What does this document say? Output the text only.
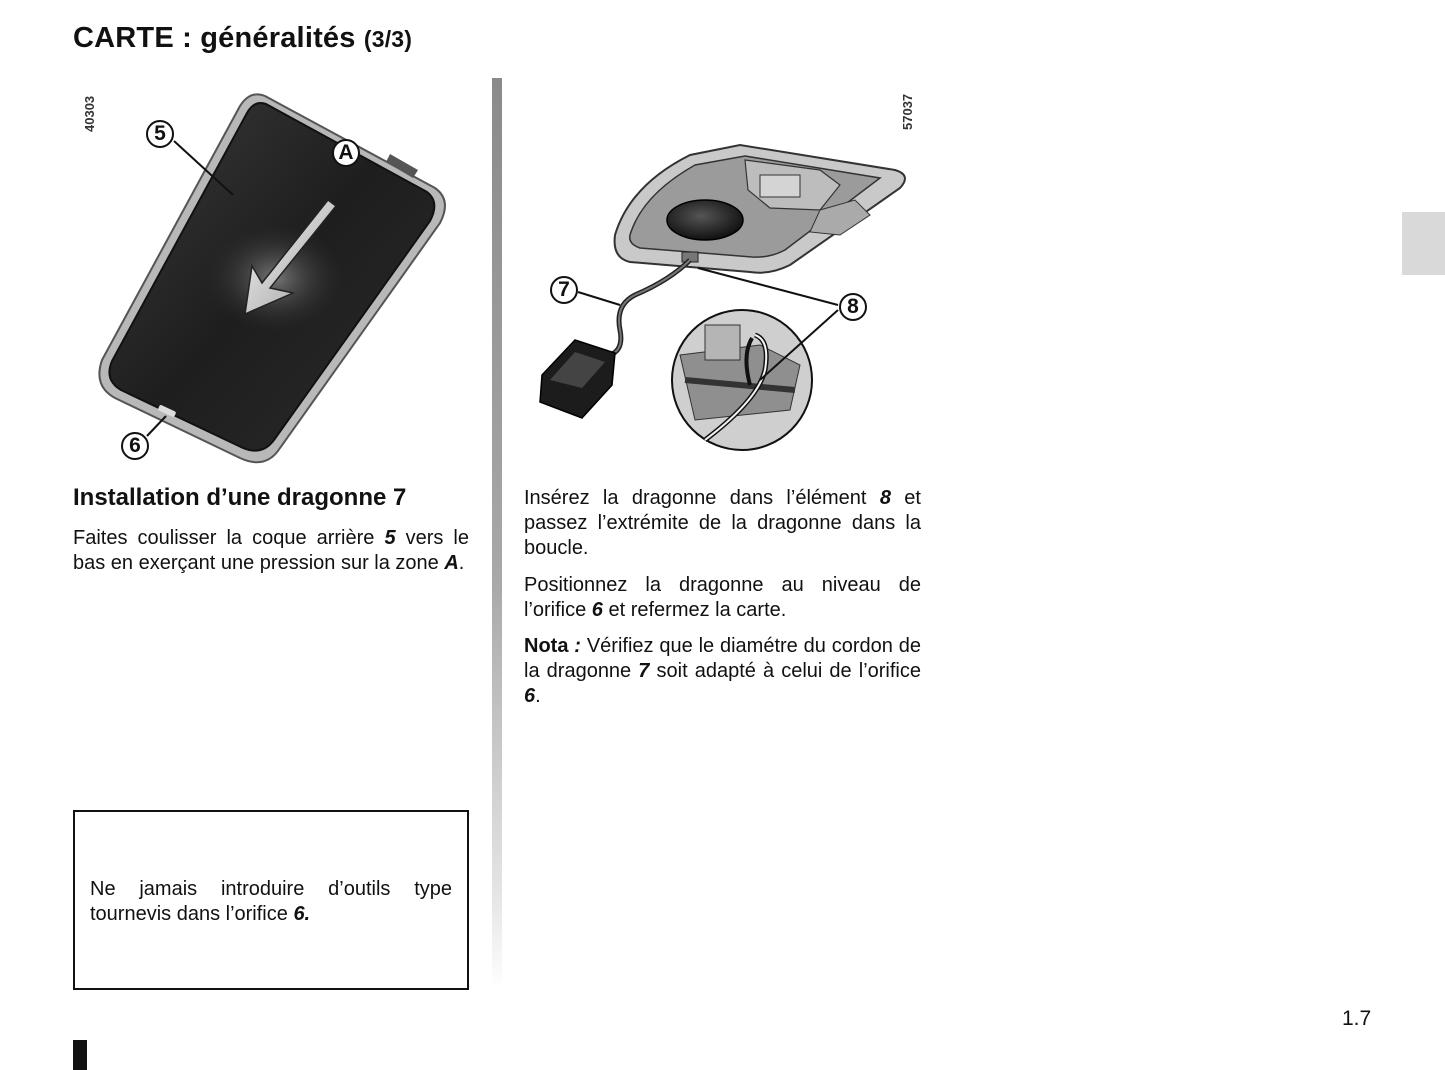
CARTE : généralités (3/3)
40303
5
A
6
57037
7
8
Installation d’une dragonne 7

Faites coulisser la coque arrière 5 vers le bas en exerçant une pression sur la zone A.

Ne jamais introduire d’outils type tournevis dans l’orifice 6.

Insérez la dragonne dans l’élément 8 et passez l’extrémite de la dragonne dans la boucle.

Positionnez la dragonne au niveau de l’orifice 6 et refermez la carte.

Nota : Vérifiez que le diamétre du cordon de la dragonne 7 soit adapté à celui de l’orifice 6.

1.7
